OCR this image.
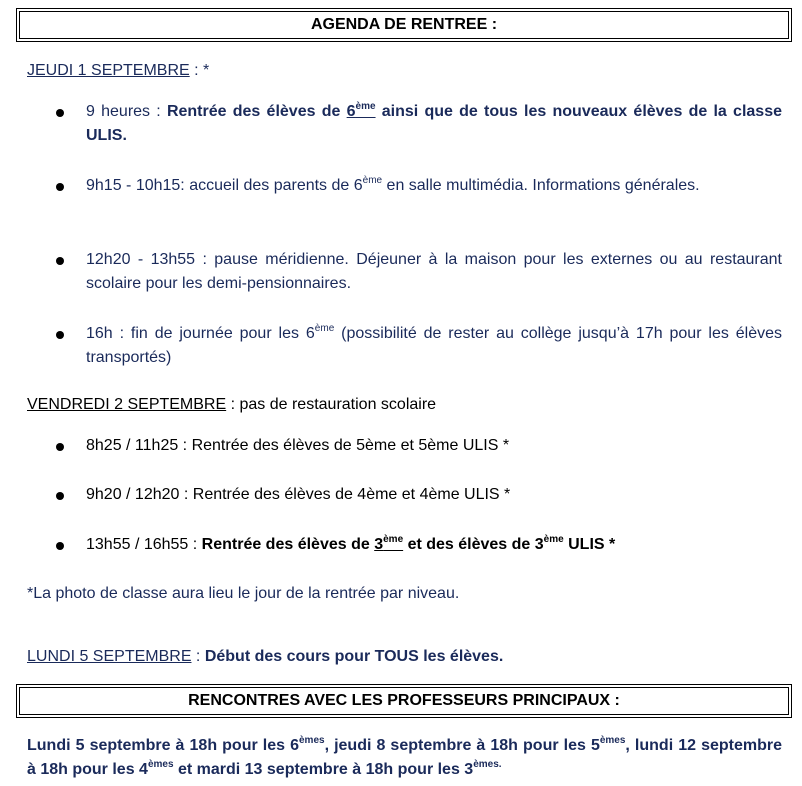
AGENDA DE RENTREE :
JEUDI 1 SEPTEMBRE : *
9 heures : Rentrée des élèves de 6ème ainsi que de tous les nouveaux élèves de la classe ULIS.
9h15 - 10h15: accueil des parents de 6ème en salle multimédia. Informations générales.
12h20 - 13h55 : pause méridienne. Déjeuner à la maison pour les externes ou au restaurant scolaire pour les demi-pensionnaires.
16h : fin de journée pour les 6ème (possibilité de rester au collège jusqu’à 17h pour les élèves transportés)
VENDREDI 2 SEPTEMBRE : pas de restauration scolaire
8h25 / 11h25 : Rentrée des élèves de 5ème et 5ème ULIS *
9h20 / 12h20 : Rentrée des élèves de 4ème et 4ème ULIS *
13h55 / 16h55 : Rentrée des élèves de 3ème et des élèves de 3ème ULIS *
*La photo de classe aura lieu le jour de la rentrée par niveau.
LUNDI 5 SEPTEMBRE : Début des cours pour TOUS les élèves.
RENCONTRES AVEC LES PROFESSEURS PRINCIPAUX :
Lundi 5 septembre à 18h pour les 6èmes, jeudi 8 septembre à 18h pour les 5èmes, lundi 12 septembre à 18h pour les 4èmes et mardi 13 septembre à 18h pour les $3^{èmes.}$
